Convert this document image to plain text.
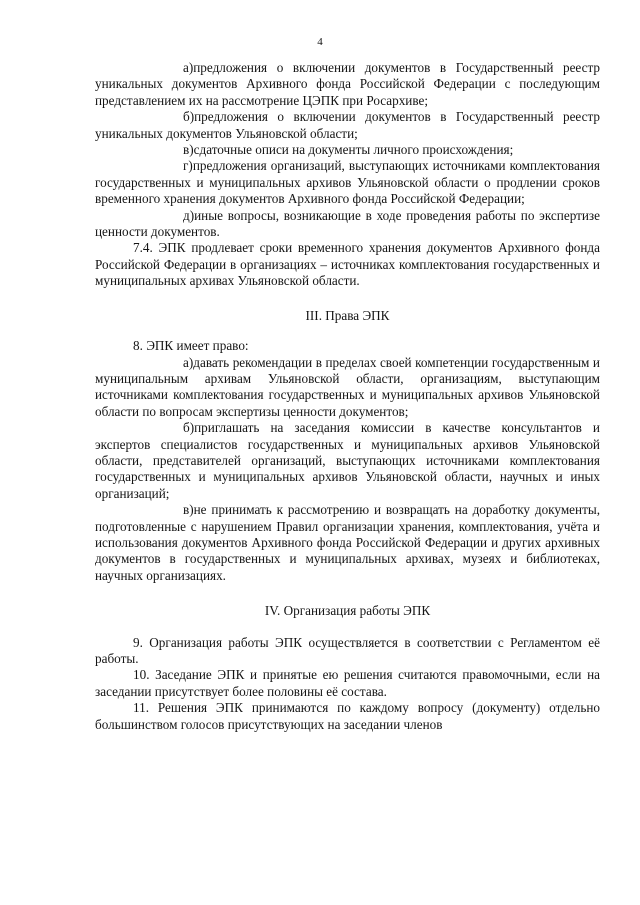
4

а)предложения о включении документов в Государственный реестр уникальных документов Архивного фонда Российской Федерации с последующим представлением их на рассмотрение ЦЭПК при Росархиве;

б)предложения о включении документов в Государственный реестр уникальных документов Ульяновской области;

в)сдаточные описи на документы личного происхождения;

г)предложения организаций, выступающих источниками комплектования государственных и муниципальных архивов Ульяновской области о продлении сроков временного хранения документов Архивного фонда Российской Федерации;

д)иные вопросы, возникающие в ходе проведения работы по экспертизе ценности документов.

7.4. ЭПК продлевает сроки временного хранения документов Архивного фонда Российской Федерации в организациях – источниках комплектования государственных и муниципальных архивах Ульяновской области.

III. Права ЭПК

8. ЭПК имеет право:

а)давать рекомендации в пределах своей компетенции государственным и муниципальным архивам Ульяновской области, организациям, выступающим источниками комплектования государственных и муниципальных архивов Ульяновской области по вопросам экспертизы ценности документов;

б)приглашать на заседания комиссии в качестве консультантов и экспертов специалистов государственных и муниципальных архивов Ульяновской области, представителей организаций, выступающих источниками комплектования государственных и муниципальных архивов Ульяновской области, научных и иных организаций;

в)не принимать к рассмотрению и возвращать на доработку документы, подготовленные с нарушением Правил организации хранения, комплектования, учёта и использования документов Архивного фонда Российской Федерации и других архивных документов в государственных и муниципальных архивах, музеях и библиотеках, научных организациях.

IV. Организация работы ЭПК

9. Организация работы ЭПК осуществляется в соответствии с Регламентом её работы.

10. Заседание ЭПК и принятые ею решения считаются правомочными, если на заседании присутствует более половины её состава.

11. Решения ЭПК принимаются по каждому вопросу (документу) отдельно большинством голосов присутствующих на заседании членов
